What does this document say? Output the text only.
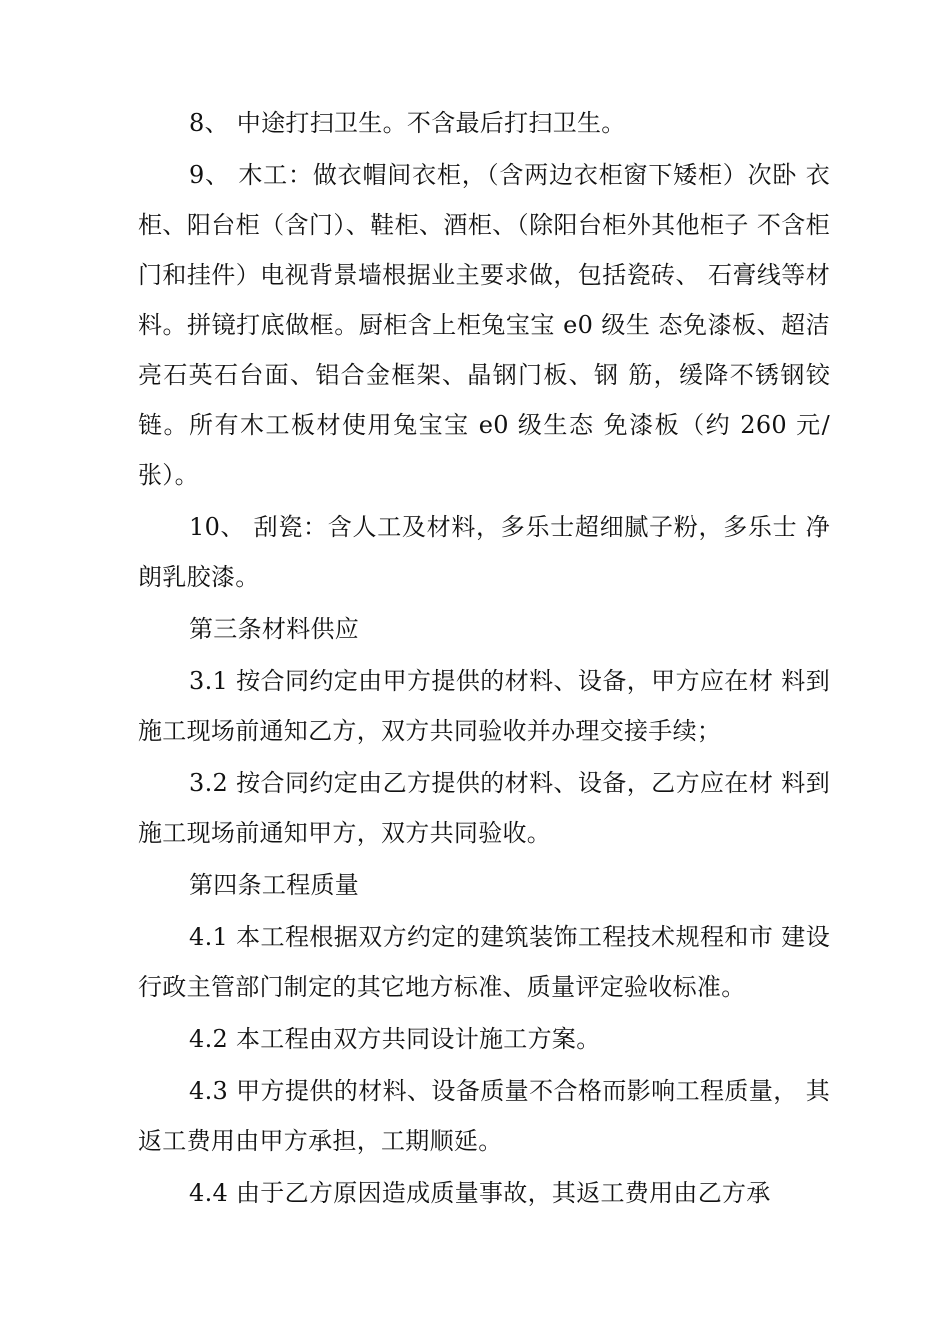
8、 中途打扫卫生。不含最后打扫卫生。

9、 木工：做衣帽间衣柜，（含两边衣柜窗下矮柜）次卧 衣柜、阳台柜（含门）、鞋柜、酒柜、（除阳台柜外其他柜子 不含柜门和挂件）电视背景墙根据业主要求做，包括瓷砖、 石膏线等材料。拼镜打底做框。厨柜含上柜兔宝宝 e0 级生 态免漆板、超洁亮石英石台面、铝合金框架、晶钢门板、钢 筋，缓降不锈钢铰链。所有木工板材使用兔宝宝 e0 级生态 免漆板（约 260 元/张）。

10、 刮瓷：含人工及材料，多乐士超细腻子粉，多乐士 净朗乳胶漆。

第三条材料供应

3.1 按合同约定由甲方提供的材料、设备，甲方应在材 料到施工现场前通知乙方，双方共同验收并办理交接手续；

3.2 按合同约定由乙方提供的材料、设备，乙方应在材 料到施工现场前通知甲方，双方共同验收。

第四条工程质量

4.1 本工程根据双方约定的建筑装饰工程技术规程和市 建设行政主管部门制定的其它地方标准、质量评定验收标准。

4.2 本工程由双方共同设计施工方案。

4.3 甲方提供的材料、设备质量不合格而影响工程质量， 其返工费用由甲方承担，工期顺延。

4.4 由于乙方原因造成质量事故，其返工费用由乙方承
